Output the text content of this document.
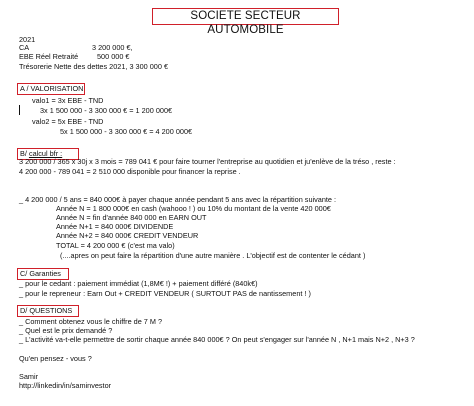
SOCIETE SECTEUR AUTOMOBILE
2021
CA	3 200 000 €,
EBE Réel Retraité	500 000 €
Trésorerie Nette des dettes 2021, 3 300 000 €
A / VALORISATION
valo1 = 3x EBE - TND
3x 1 500 000 - 3 300 000 € = 1 200 000€
valo2 = 5x EBE - TND
5x 1 500 000 - 3 300 000 € = 4 200 000€
B/ calcul bfr :
3 200 000 / 365 x 30j x 3 mois = 789 041 € pour faire tourner l'entreprise au quotidien et ju'enlève de la tréso , reste :
4 200 000 - 789 041 = 2 510 000 disponible pour financer la reprise .
_ 4 200 000 / 5 ans = 840 000€ à payer chaque année pendant 5 ans avec la répartition suivante :
Année N = 1 800 000€ en cash (wahooo ! ) ou 10% du montant de la vente 420 000€
Année N = fin d'année 840 000 en EARN OUT
Année N+1 = 840 000€ DIVIDENDE
Année N+2 = 840 000€ CREDIT VENDEUR
TOTAL = 4 200 000 € (c'est ma valo)
(....apres on peut faire la répartition d'une autre manière . L'objectif est de contenter le cédant )
C/ Garanties
_ pour le cedant : paiement immédiat (1,8M€ !) + paiement différé (840k€)
_ pour le repreneur : Earn Out + CREDIT VENDEUR ( SURTOUT PAS de nantissement ! )
D/ QUESTIONS
_ Comment obtenez vous le chiffre de 7 M ?
_ Quel est le prix demandé ?
_ L'activité va-t-elle permettre de sortir chaque année 840 000€ ? On peut s'engager sur l'année N , N+1 mais N+2 , N+3 ?
Qu'en pensez - vous ?
Samir
http://linkedin/in/saminvestor
